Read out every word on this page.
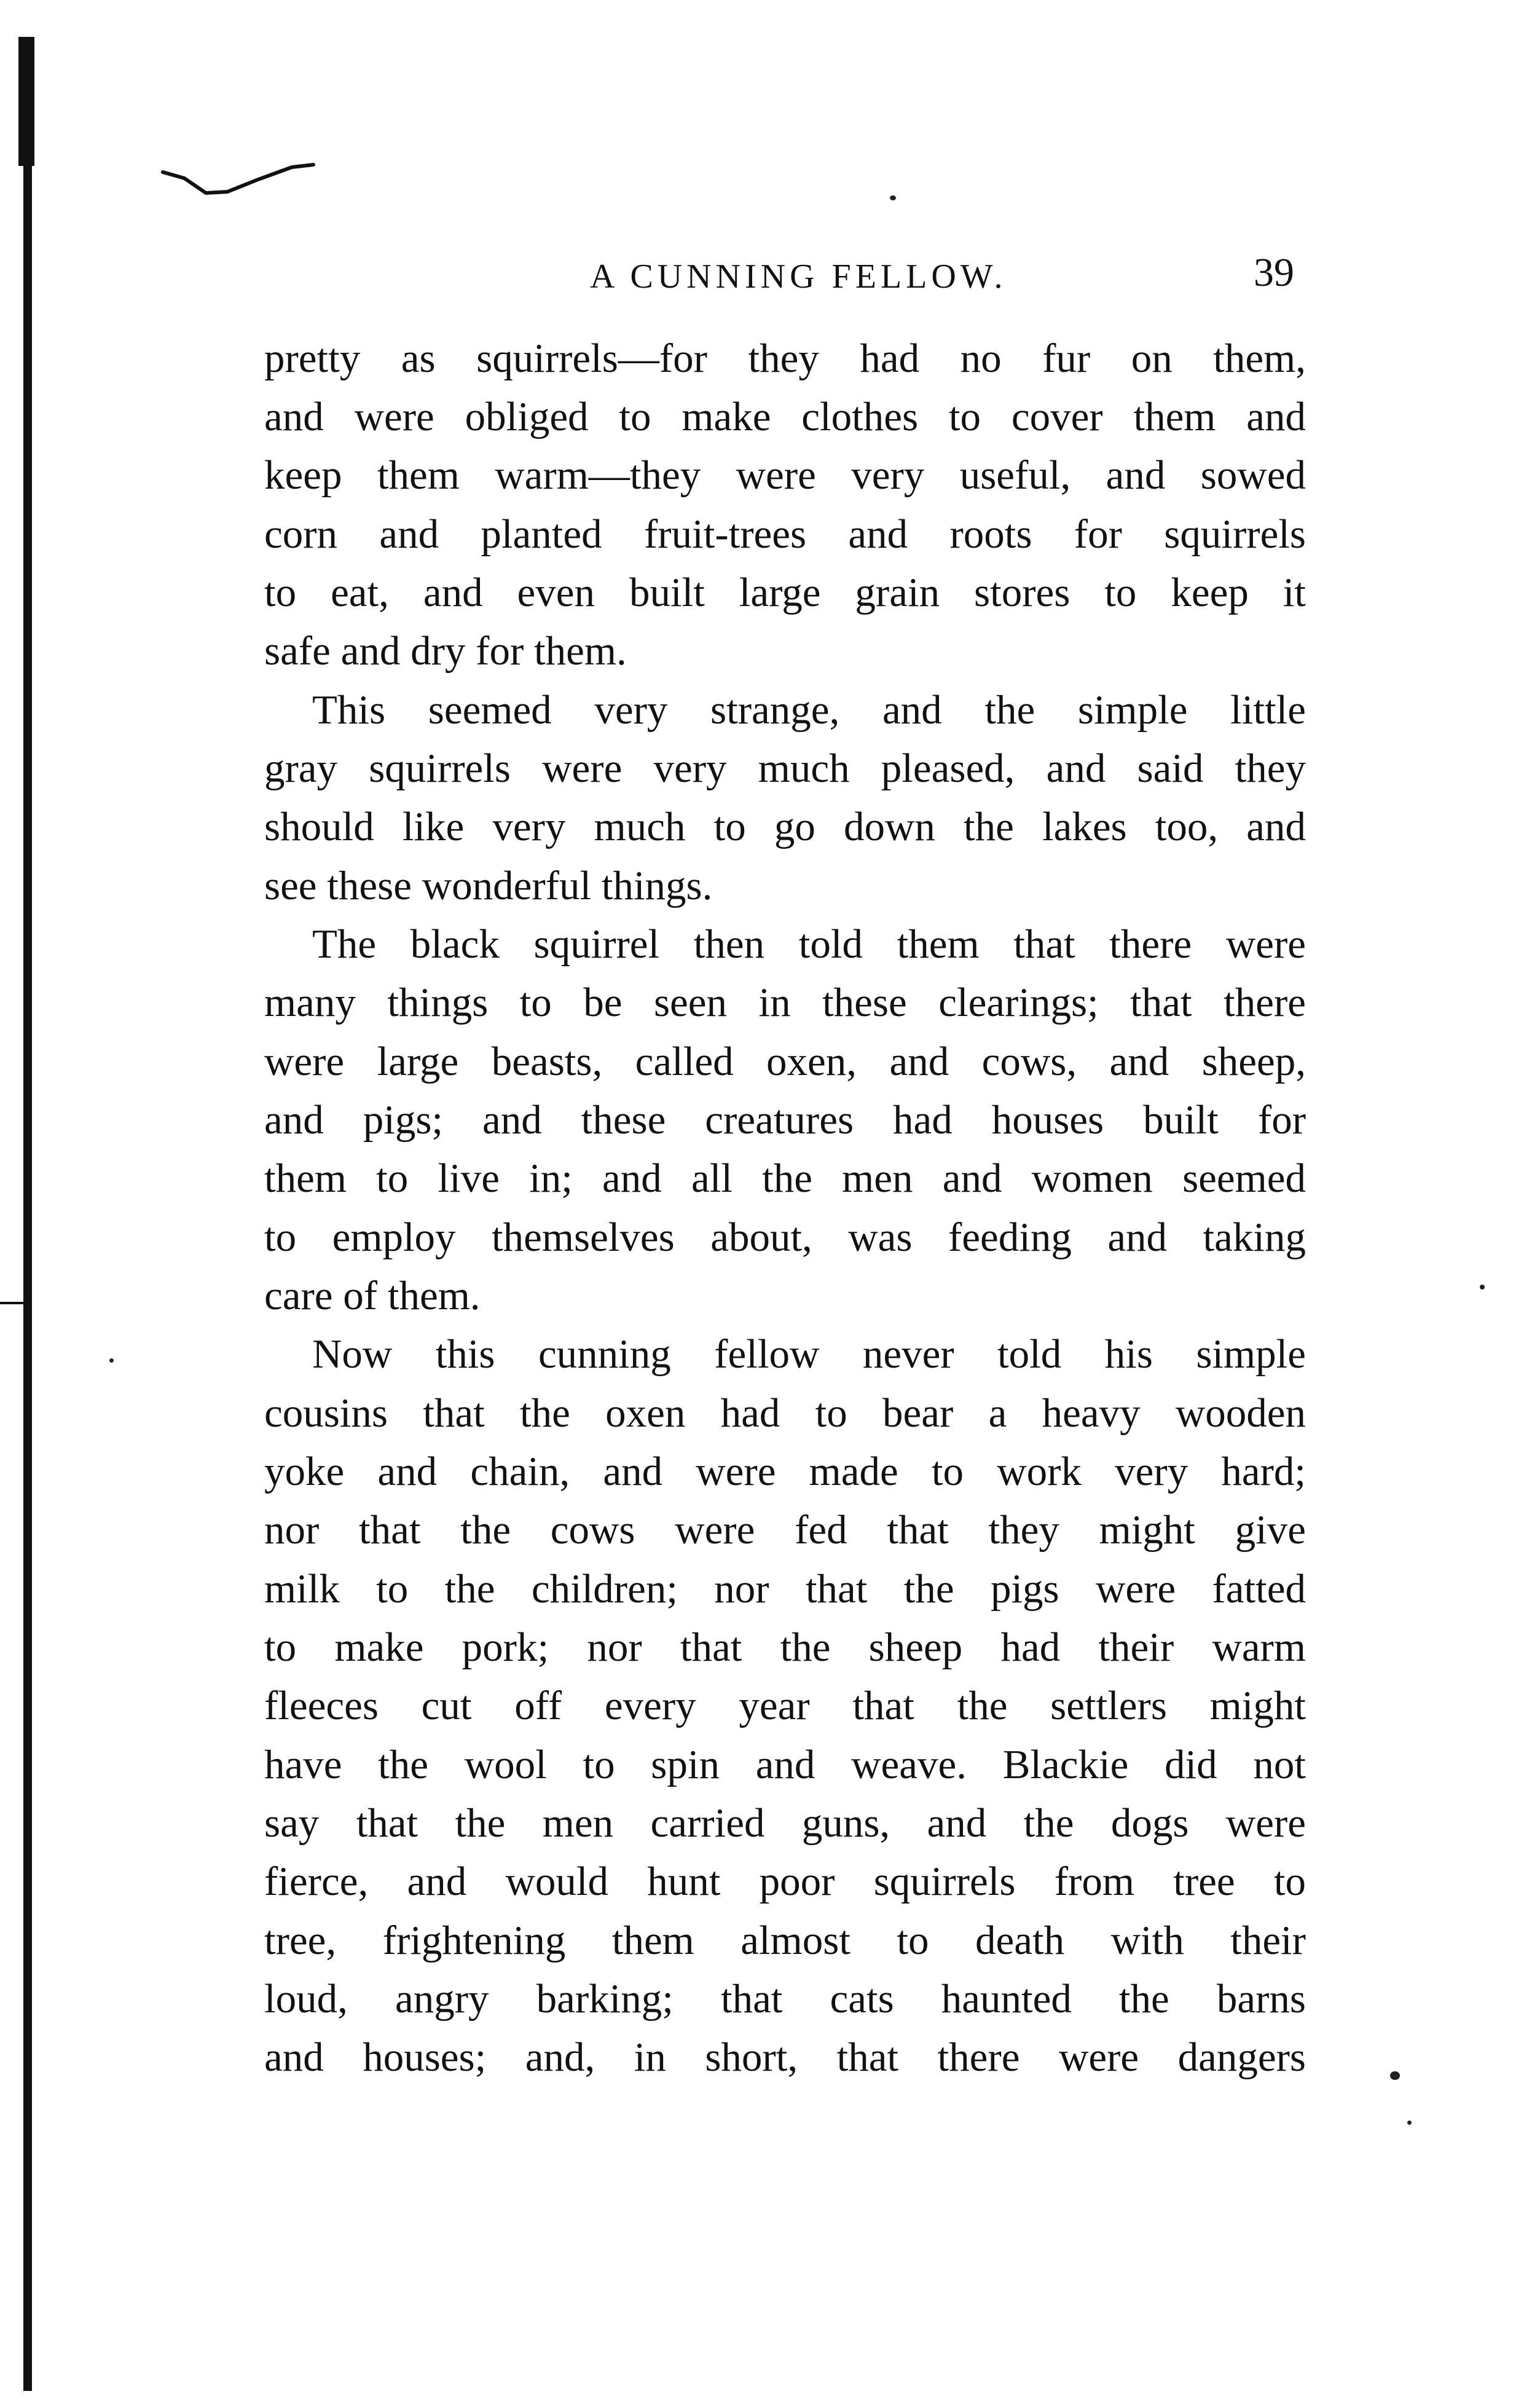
A CUNNING FELLOW.	39
pretty as squirrels—for they had no fur on them,
and were obliged to make clothes to cover them and
keep them warm—they were very useful, and sowed
corn and planted fruit-trees and roots for squirrels
to eat, and even built large grain stores to keep it
safe and dry for them.
This seemed very strange, and the simple little
gray squirrels were very much pleased, and said they
should like very much to go down the lakes too, and
see these wonderful things.
The black squirrel then told them that there were
many things to be seen in these clearings; that there
were large beasts, called oxen, and cows, and sheep,
and pigs; and these creatures had houses built for
them to live in; and all the men and women seemed
to employ themselves about, was feeding and taking
care of them.
Now this cunning fellow never told his simple
cousins that the oxen had to bear a heavy wooden
yoke and chain, and were made to work very hard;
nor that the cows were fed that they might give
milk to the children; nor that the pigs were fatted
to make pork; nor that the sheep had their warm
fleeces cut off every year that the settlers might
have the wool to spin and weave. Blackie did not
say that the men carried guns, and the dogs were
fierce, and would hunt poor squirrels from tree to
tree, frightening them almost to death with their
loud, angry barking; that cats haunted the barns
and houses; and, in short, that there were dangers
